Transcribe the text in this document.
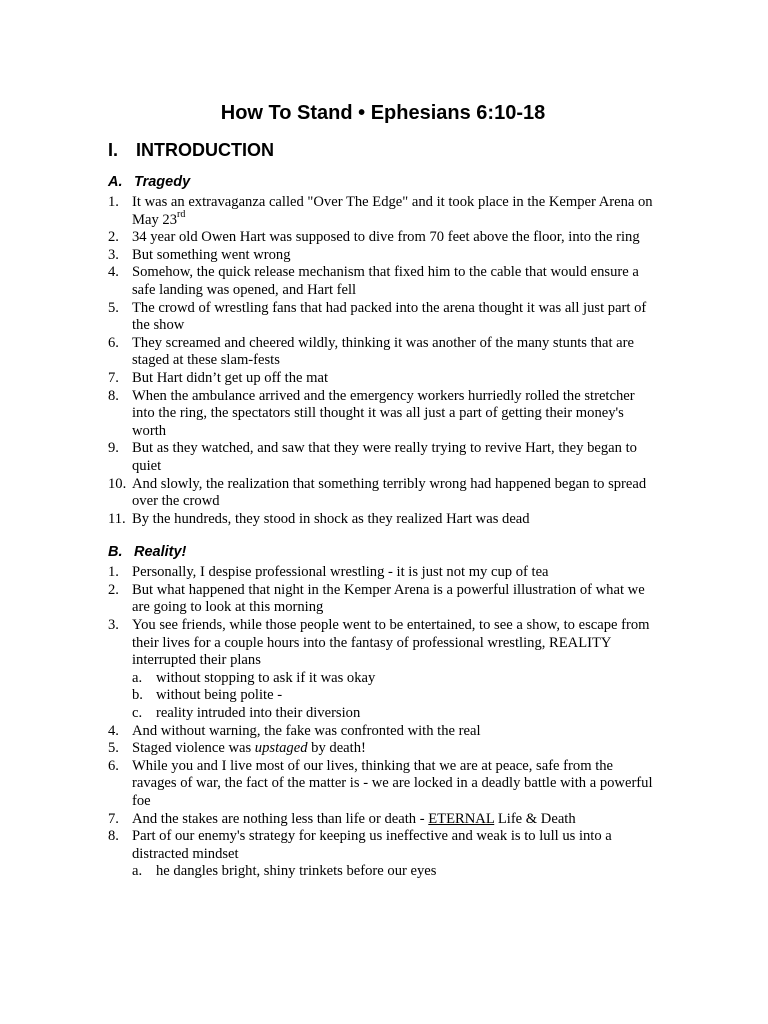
How To Stand • Ephesians 6:10-18
I. INTRODUCTION
A. Tragedy
1. It was an extravaganza called "Over The Edge" and it took place in the Kemper Arena on May 23rd
2. 34 year old Owen Hart was supposed to dive from 70 feet above the floor, into the ring
3. But something went wrong
4. Somehow, the quick release mechanism that fixed him to the cable that would ensure a safe landing was opened, and Hart fell
5. The crowd of wrestling fans that had packed into the arena thought it was all just part of the show
6. They screamed and cheered wildly, thinking it was another of the many stunts that are staged at these slam-fests
7. But Hart didn’t get up off the mat
8. When the ambulance arrived and the emergency workers hurriedly rolled the stretcher into the ring, the spectators still thought it was all just a part of getting their money's worth
9. But as they watched, and saw that they were really trying to revive Hart, they began to quiet
10. And slowly, the realization that something terribly wrong had happened began to spread over the crowd
11. By the hundreds, they stood in shock as they realized Hart was dead
B. Reality!
1. Personally, I despise professional wrestling - it is just not my cup of tea
2. But what happened that night in the Kemper Arena is a powerful illustration of what we are going to look at this morning
3. You see friends, while those people went to be entertained, to see a show, to escape from their lives for a couple hours into the fantasy of professional wrestling, REALITY interrupted their plans
a. without stopping to ask if it was okay
b. without being polite -
c. reality intruded into their diversion
4. And without warning, the fake was confronted with the real
5. Staged violence was upstaged by death!
6. While you and I live most of our lives, thinking that we are at peace, safe from the ravages of war, the fact of the matter is - we are locked in a deadly battle with a powerful foe
7. And the stakes are nothing less than life or death - ETERNAL Life & Death
8. Part of our enemy's strategy for keeping us ineffective and weak is to lull us into a distracted mindset
a. he dangles bright, shiny trinkets before our eyes
